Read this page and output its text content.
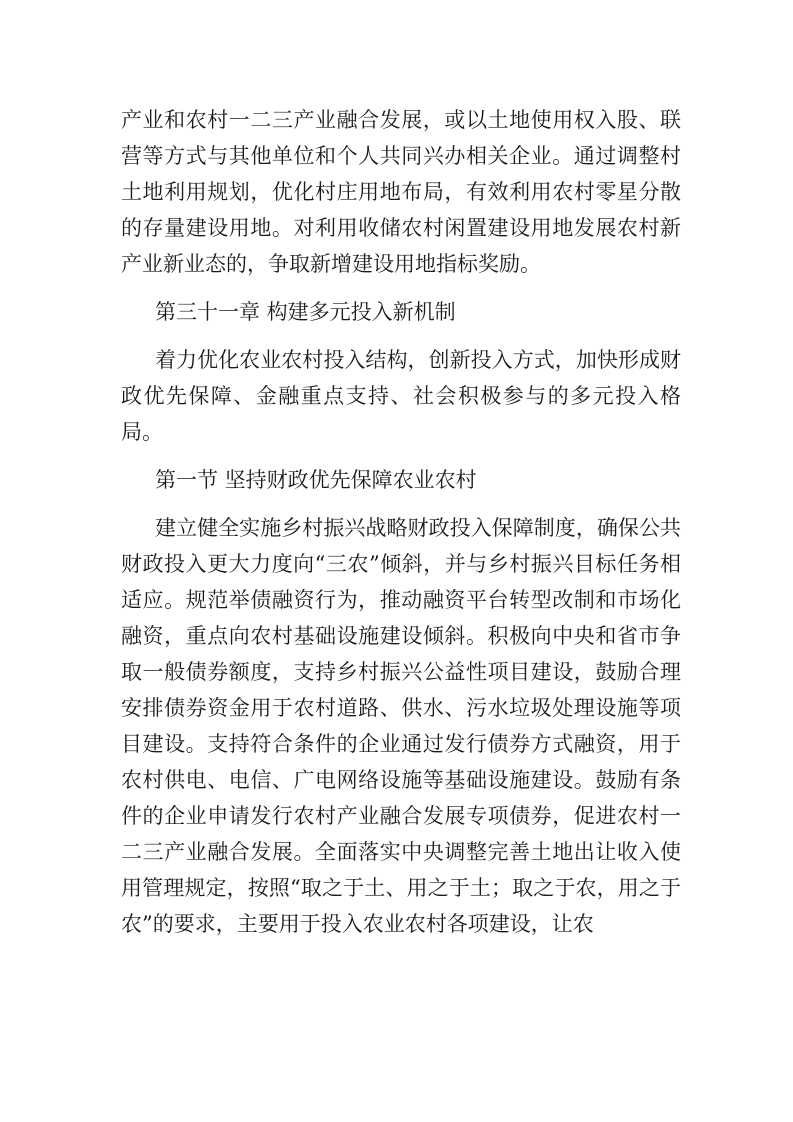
产业和农村一二三产业融合发展，或以土地使用权入股、联营等方式与其他单位和个人共同兴办相关企业。通过调整村土地利用规划，优化村庄用地布局，有效利用农村零星分散的存量建设用地。对利用收储农村闲置建设用地发展农村新产业新业态的，争取新增建设用地指标奖励。

第三十一章 构建多元投入新机制

着力优化农业农村投入结构，创新投入方式，加快形成财政优先保障、金融重点支持、社会积极参与的多元投入格局。

第一节 坚持财政优先保障农业农村

建立健全实施乡村振兴战略财政投入保障制度，确保公共财政投入更大力度向“三农”倾斜，并与乡村振兴目标任务相适应。规范举债融资行为，推动融资平台转型改制和市场化融资，重点向农村基础设施建设倾斜。积极向中央和省市争取一般债券额度，支持乡村振兴公益性项目建设，鼓励合理安排债券资金用于农村道路、供水、污水垃圾处理设施等项目建设。支持符合条件的企业通过发行债券方式融资，用于农村供电、电信、广电网络设施等基础设施建设。鼓励有条件的企业申请发行农村产业融合发展专项债券，促进农村一二三产业融合发展。全面落实中央调整完善土地出让收入使用管理规定，按照“取之于土、用之于土；取之于农，用之于农”的要求，主要用于投入农业农村各项建设，让农
